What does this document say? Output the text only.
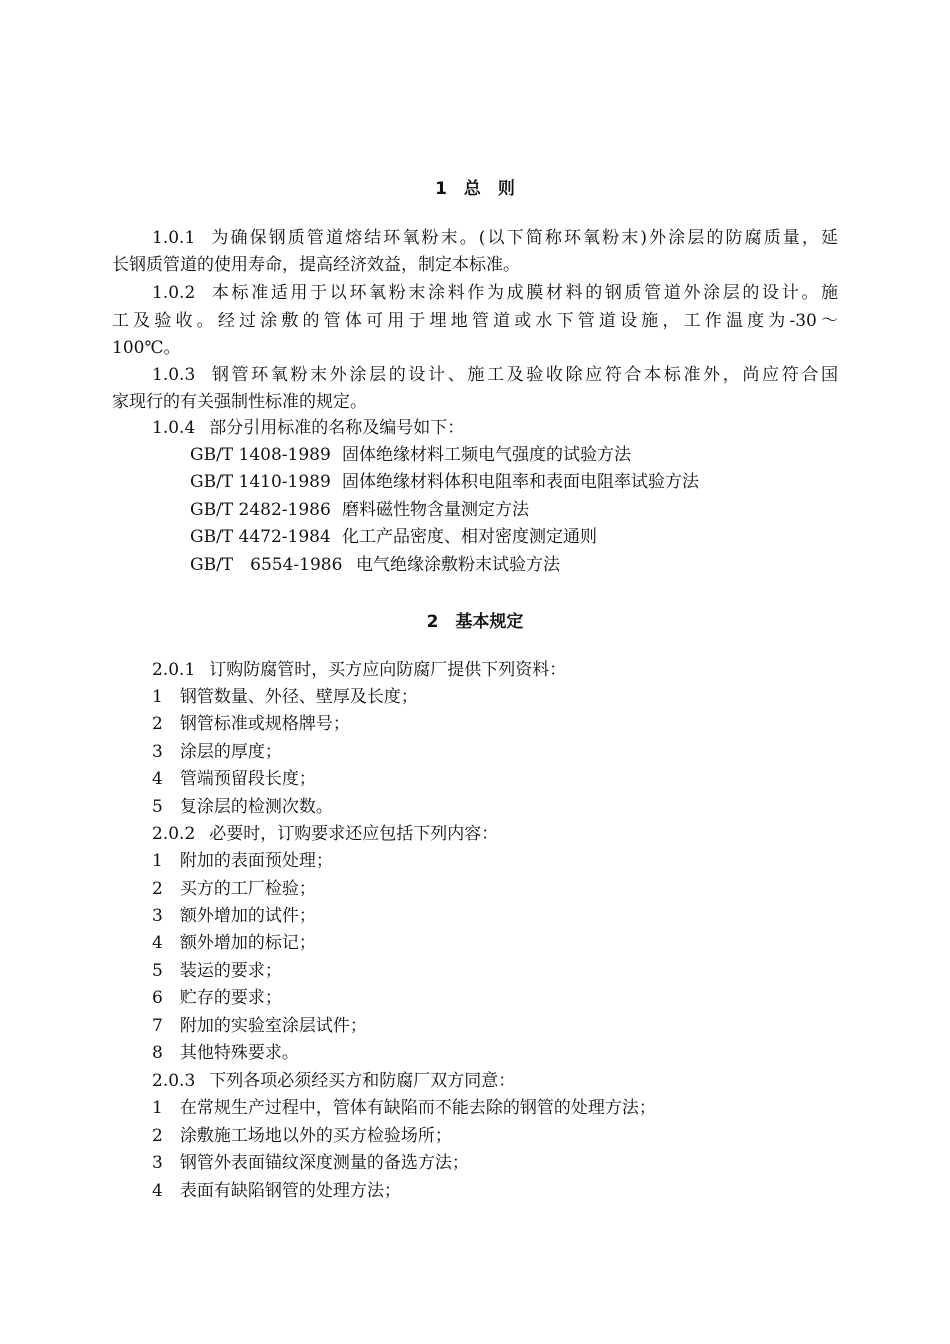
1　总　则
1.0.1 为确保钢质管道熔结环氧粉末。(以下简称环氧粉末)外涂层的防腐质量，延
长钢质管道的使用寿命，提高经济效益，制定本标准。
1.0.2 本标准适用于以环氧粉末涂料作为成膜材料的钢质管道外涂层的设计。施
工及验收。经过涂敷的管体可用于埋地管道或水下管道设施，工作温度为-30～
100℃。
1.0.3 钢管环氧粉末外涂层的设计、施工及验收除应符合本标准外，尚应符合国
家现行的有关强制性标准的规定。
1.0.4 部分引用标准的名称及编号如下：
GB/T 1408-1989 固体绝缘材料工频电气强度的试验方法
GB/T 1410-1989 固体绝缘材料体积电阻率和表面电阻率试验方法
GB/T 2482-1986 磨料磁性物含量测定方法
GB/T 4472-1984 化工产品密度、相对密度测定通则
GB/T　6554-1986 电气绝缘涂敷粉末试验方法
2　基本规定
2.0.1 订购防腐管时，买方应向防腐厂提供下列资料：
1　钢管数量、外径、壁厚及长度；
2　钢管标准或规格牌号；
3　涂层的厚度；
4　管端预留段长度；
5　复涂层的检测次数。
2.0.2 必要时，订购要求还应包括下列内容：
1　附加的表面预处理；
2　买方的工厂检验；
3　额外增加的试件；
4　额外增加的标记；
5　装运的要求；
6　贮存的要求；
7　附加的实验室涂层试件；
8　其他特殊要求。
2.0.3 下列各项必须经买方和防腐厂双方同意：
1　在常规生产过程中，管体有缺陷而不能去除的钢管的处理方法；
2　涂敷施工场地以外的买方检验场所；
3　钢管外表面锚纹深度测量的备选方法；
4　表面有缺陷钢管的处理方法；
